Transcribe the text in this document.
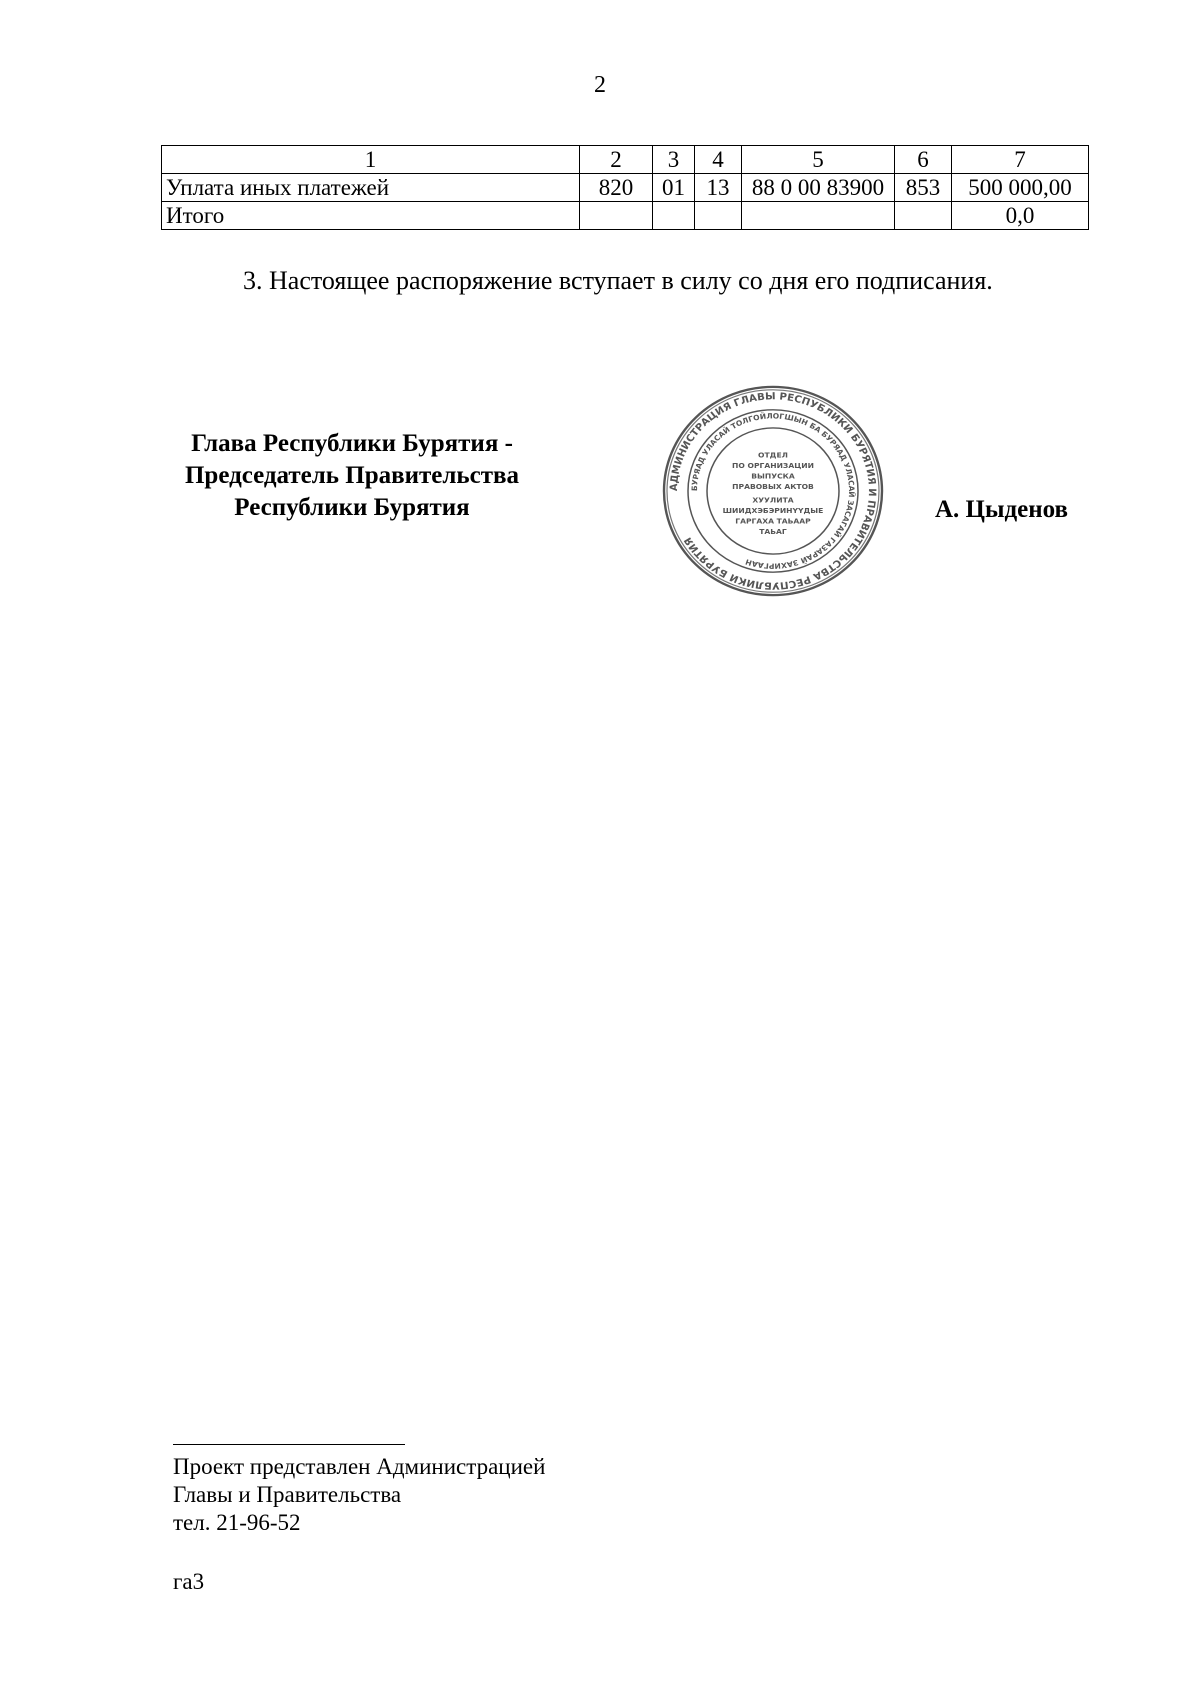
2
1	2	3	4	5	6	7
Уплата иных платежей	820	01	13	88 0 00 83900	853	500 000,00
Итого						0,0
3. Настоящее распоряжение вступает в силу со дня его подписания.
Глава Республики Бурятия -
Председатель Правительства
Республики Бурятия
АДМИНИСТРАЦИЯ ГЛАВЫ РЕСПУБЛИКИ БУРЯТИЯ И ПРАВИТЕЛЬСТВА РЕСПУБЛИКИ БУРЯТИЯ
БУРЯАД УЛАСАЙ ТОЛГОЙЛОГШЫН БА БУРЯАД УЛАСАЙ ЗАСАГАЙ ГАЗАРАЙ ЗАХИРГААН
ОТДЕЛ
ПО ОРГАНИЗАЦИИ
ВЫПУСКА
ПРАВОВЫХ АКТОВ
ХУУЛИТА
ШИИДХЭБЭРИНҮҮДЫЕ
ГАРГАХА ТАЬААР
ТАЬАГ
А. Цыденов
Проект представлен Администрацией
Главы и Правительства
тел. 21-96-52
га3
